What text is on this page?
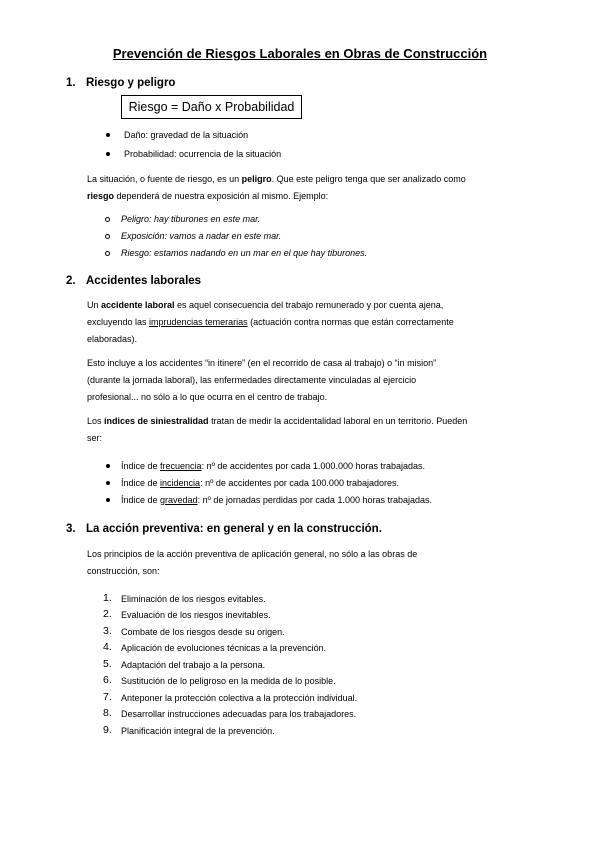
Prevención de Riesgos Laborales en Obras de Construcción
1. Riesgo y peligro
Riesgo = Daño x Probabilidad
Daño: gravedad de la situación
Probabilidad: ocurrencia de la situación
La situación, o fuente de riesgo, es un peligro. Que este peligro tenga que ser analizado como
riesgo dependerá de nuestra exposición al mismo. Ejemplo:
Peligro: hay tiburones en este mar.
Exposición: vamos a nadar en este mar.
Riesgo: estamos nadando en un mar en el que hay tiburones.
2. Accidentes laborales
Un accidente laboral es aquel consecuencia del trabajo remunerado y por cuenta ajena,
excluyendo las imprudencias temerarias (actuación contra normas que están correctamente
elaboradas).
Esto incluye a los accidentes “in itinere” (en el recorrido de casa al trabajo) o “in mision”
(durante la jornada laboral), las enfermedades directamente vinculadas al ejercicio
profesional... no sólo a lo que ocurra en el centro de trabajo.
Los índices de siniestralidad tratan de medir la accidentalidad laboral en un territorio. Pueden
ser:
Índice de frecuencia: nº de accidentes por cada 1.000.000 horas trabajadas.
Índice de incidencia: nº de accidentes por cada 100.000 trabajadores.
Índice de gravedad: nº de jornadas perdidas por cada 1.000 horas trabajadas.
3. La acción preventiva: en general y en la construcción.
Los principios de la acción preventiva de aplicación general, no sólo a las obras de
construcción, son:
1. Eliminación de los riesgos evitables.
2. Evaluación de los riesgos inevitables.
3. Combate de los riesgos desde su origen.
4. Aplicación de evoluciones técnicas a la prevención.
5. Adaptación del trabajo a la persona.
6. Sustitución de lo peligroso en la medida de lo posible.
7. Anteponer la protección colectiva a la protección individual.
8. Desarrollar instrucciones adecuadas para los trabajadores.
9. Planificación integral de la prevención.
